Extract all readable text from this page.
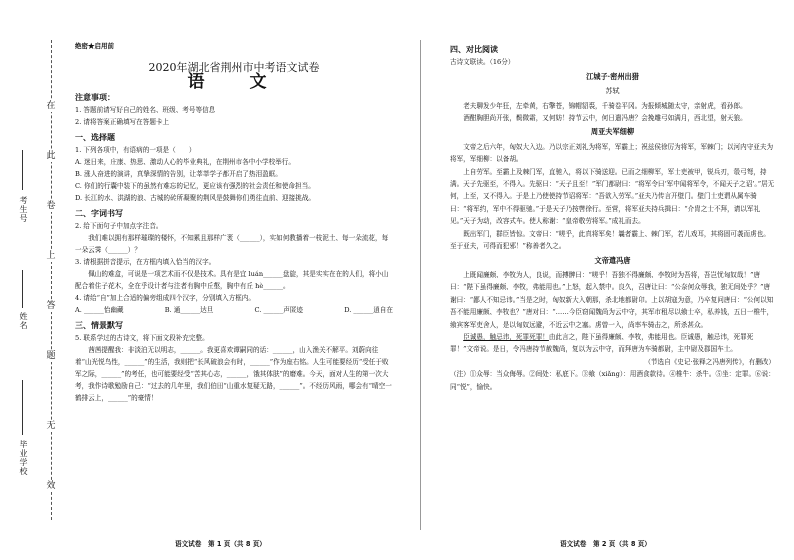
在
此
卷
上
答
题
无
效
考生号
姓名
毕业学校
绝密★启用前
2020年湖北省荆州市中考语文试卷
语　文
注意事项：

1. 答题前请写好自己的姓名、班级、考号等信息

2. 请将答案正确填写在答题卡上

一、选择题

1. 下列各项中，有语病的一项是（　　）

A. 迷日来，庄康、热思、激动人心的毕业典礼，在荆州市各中小学校举行。

B. 涨人奋进的演讲，真挚深情的告别，让莘莘学子都开启了热泪盈眶。

C. 你们的行囊中装下的虽然有难忘的记忆，更应该有强烈的社会责任和使命担当。

D. 长江的水、洪湖的浪、古城的砖所凝聚的荆风是鼓舞你们勇往直前、迎接挑战。

二、字词书写

2. 给下面句子中加点字注音。

我们难以拥有那样璀璨的楼怀，不知累且那样广袤（______），实如何教播着一枝泥土、每一朵流花，每一朵云霁（______）？

3. 请根据拼音提示，在方框内填入恰当的汉字。

佩山的难盒，可说是一项艺术而不仅是技术。具有是宜 luán______盘旋，其是实实在在的人们，将小山配合着住子花木，全在乎设计者与注者有胸中丘壑，胸中有丘 hè______。

4. 请给“自”加上合适的偏旁组成四个汉字，分别填入方框内。

A. ______怡幽藏	B. 通______达旦	C. ______声匿迹	D. ______逍自在
三、情景默写

5. 联系学过的古诗文，将下面文段补充完整。

茜茜提醒我：非淡泊无以明志，______。我更喜欢谭嗣同的话：______，山入渔关不解平。刘蔚向往着“山光悦鸟性，______”的生活，我则把“长风破浪会有时，______”作为座右铭。人生可能要经历“受任于败军之际，______”的考任，也可能要经受“苦其心志，______，饿其体肤”的磨难。今天，面对人生的第一次大考，我作诗歌勉励自己：“过去的几年里，我们伯田“山重水复疑无路，______”。不经历风雨，哪会有“晴空一鹤排云上，______”的豪情！

四、对比阅读

古诗文联读。（16分）

江城子·密州出猎
苏轼

老夫聊发少年狂，左牵黄，右擎苍，锦帽貂裘，千骑卷平冈。为报倾城随太守，亲射虎，看孙郎。

酒酣胸胆尚开张，鬓微霜，又何妨！持节云中，何日遣冯唐？会挽雕弓如满月，西北望，射天狼。

周亚夫军细柳

文帝之后六年，匈奴大入边。乃以宗正刘礼为将军，军霸上；祝兹侯徐厉为将军，军棘门；以河内守亚夫为将军，军细柳：以备胡。

上自劳军。至霸上及棘门军，直驰入，将以下骑送迎。已而之细柳军，军士吏被甲，锐兵刃，彀弓弩，持满。天子先驱至，不得入。先驱曰：“天子且至！”军门都尉曰：“将军令曰‘军中闻将军令，不闻天子之诏’。”居无何，上至，又不得入。于是上乃使使持节诏将军：“吾欲入劳军。”亚夫乃传言开壁门。壁门士吏谓从属车骑曰：“将军约，军中不得驱驰。”于是天子乃按辔徐行。至营，将军亚夫持兵揖曰：“介胄之士不拜，请以军礼见。”天子为动，改容式车。使人称谢：“皇帝敬劳将军。”成礼而去。

既出军门，群臣皆惊。文帝曰：“嗟乎，此真将军矣！曩者霸上、棘门军，若儿戏耳，其将固可袭而虏也。至于亚夫，可得而犯邪！”称善者久之。

文帝遣冯唐

上既闻廉颇、李牧为人，良说，而搏髀曰：“嗟乎！吾独不得廉颇、李牧时为吾将，吾岂忧匈奴哉！”唐曰：“陛下虽得廉颇、李牧，弗能用也。”上怒，起入禁中。良久，召唐让曰：“公奈何众辱我，独无间处乎？”唐谢曰：“鄙人不知忌讳。”当是之时，匈奴新大入朝那，杀北地都尉卬。上以胡寇为意，乃卒复问唐曰：“公何以知吾不能用廉颇、李牧也？”唐对曰：“……今臣窃闻魏尚为云中守，其军市租尽以飨士卒，私养钱，五日一椎牛，飨宾客军吏舍人，是以匈奴远避，不近云中之塞。虏曾一入，尚率车骑击之，所杀甚众。

臣诚愚，触忌讳，死罪死罪！由此言之，陛下虽得廉颇、李牧，弗能用也。臣诚愚，触忌讳，死罪死罪！”文帝说。是日，令冯唐持节赦魏尚，复以为云中守，而拜唐为车骑都尉，主中尉及郡国车士。

（节选自《史记·张释之冯唐列传》，有删改）

（注）①众辱：当众侮辱。②间处：私底下。③飨（xiǎng）：用酒食款待。④椎牛：杀牛。⑤坐：定罪。⑥说：同“悦”，愉快。

语文试卷　第 1 页（共 8 页）	语文试卷　第 2 页（共 8 页）
